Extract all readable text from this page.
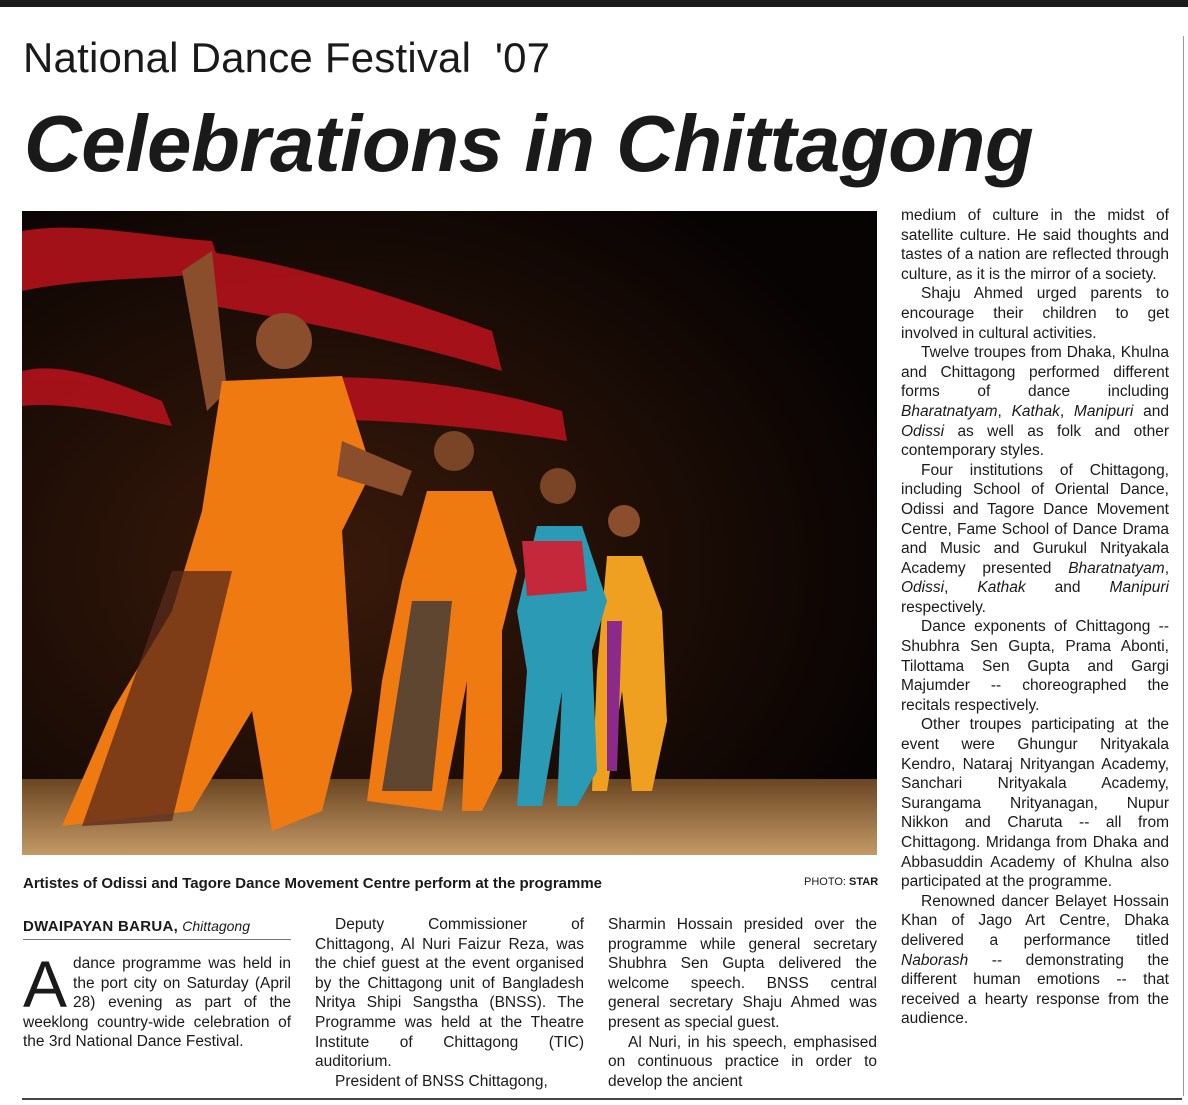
National Dance Festival  '07
Celebrations in Chittagong
Artistes of Odissi and Tagore Dance Movement Centre perform at the programme	PHOTO: STAR
DWAIPAYAN BARUA, Chittagong

A dance programme was held in the port city on Saturday (April 28) evening as part of the weeklong country-wide celebration of the 3rd National Dance Festival.

Deputy Commissioner of Chittagong, Al Nuri Faizur Reza, was the chief guest at the event organised by the Chittagong unit of Bangladesh Nritya Shipi Sangstha (BNSS). The Programme was held at the Theatre Institute of Chittagong (TIC) auditorium.

President of BNSS Chittagong,

Sharmin Hossain presided over the programme while general secretary Shubhra Sen Gupta delivered the welcome speech. BNSS central general secretary Shaju Ahmed was present as special guest.

Al Nuri, in his speech, emphasised on continuous practice in order to develop the ancient

medium of culture in the midst of satellite culture. He said thoughts and tastes of a nation are reflected through culture, as it is the mirror of a society.

Shaju Ahmed urged parents to encourage their children to get involved in cultural activities.

Twelve troupes from Dhaka, Khulna and Chittagong performed different forms of dance including Bharatnatyam, Kathak, Manipuri and Odissi as well as folk and other contemporary styles.

Four institutions of Chittagong, including School of Oriental Dance, Odissi and Tagore Dance Movement Centre, Fame School of Dance Drama and Music and Gurukul Nrityakala Academy presented Bharatnatyam, Odissi, Kathak and Manipuri respectively.

Dance exponents of Chittagong -- Shubhra Sen Gupta, Prama Abonti, Tilottama Sen Gupta and Gargi Majumder -- choreographed the recitals respectively.

Other troupes participating at the event were Ghungur Nrityakala Kendro, Nataraj Nrityangan Academy, Sanchari Nrityakala Academy, Surangama Nrityanagan, Nupur Nikkon and Charuta -- all from Chittagong. Mridanga from Dhaka and Abbasuddin Academy of Khulna also participated at the programme.

Renowned dancer Belayet Hossain Khan of Jago Art Centre, Dhaka delivered a performance titled Naborash -- demonstrating the different human emotions -- that received a hearty response from the audience.
